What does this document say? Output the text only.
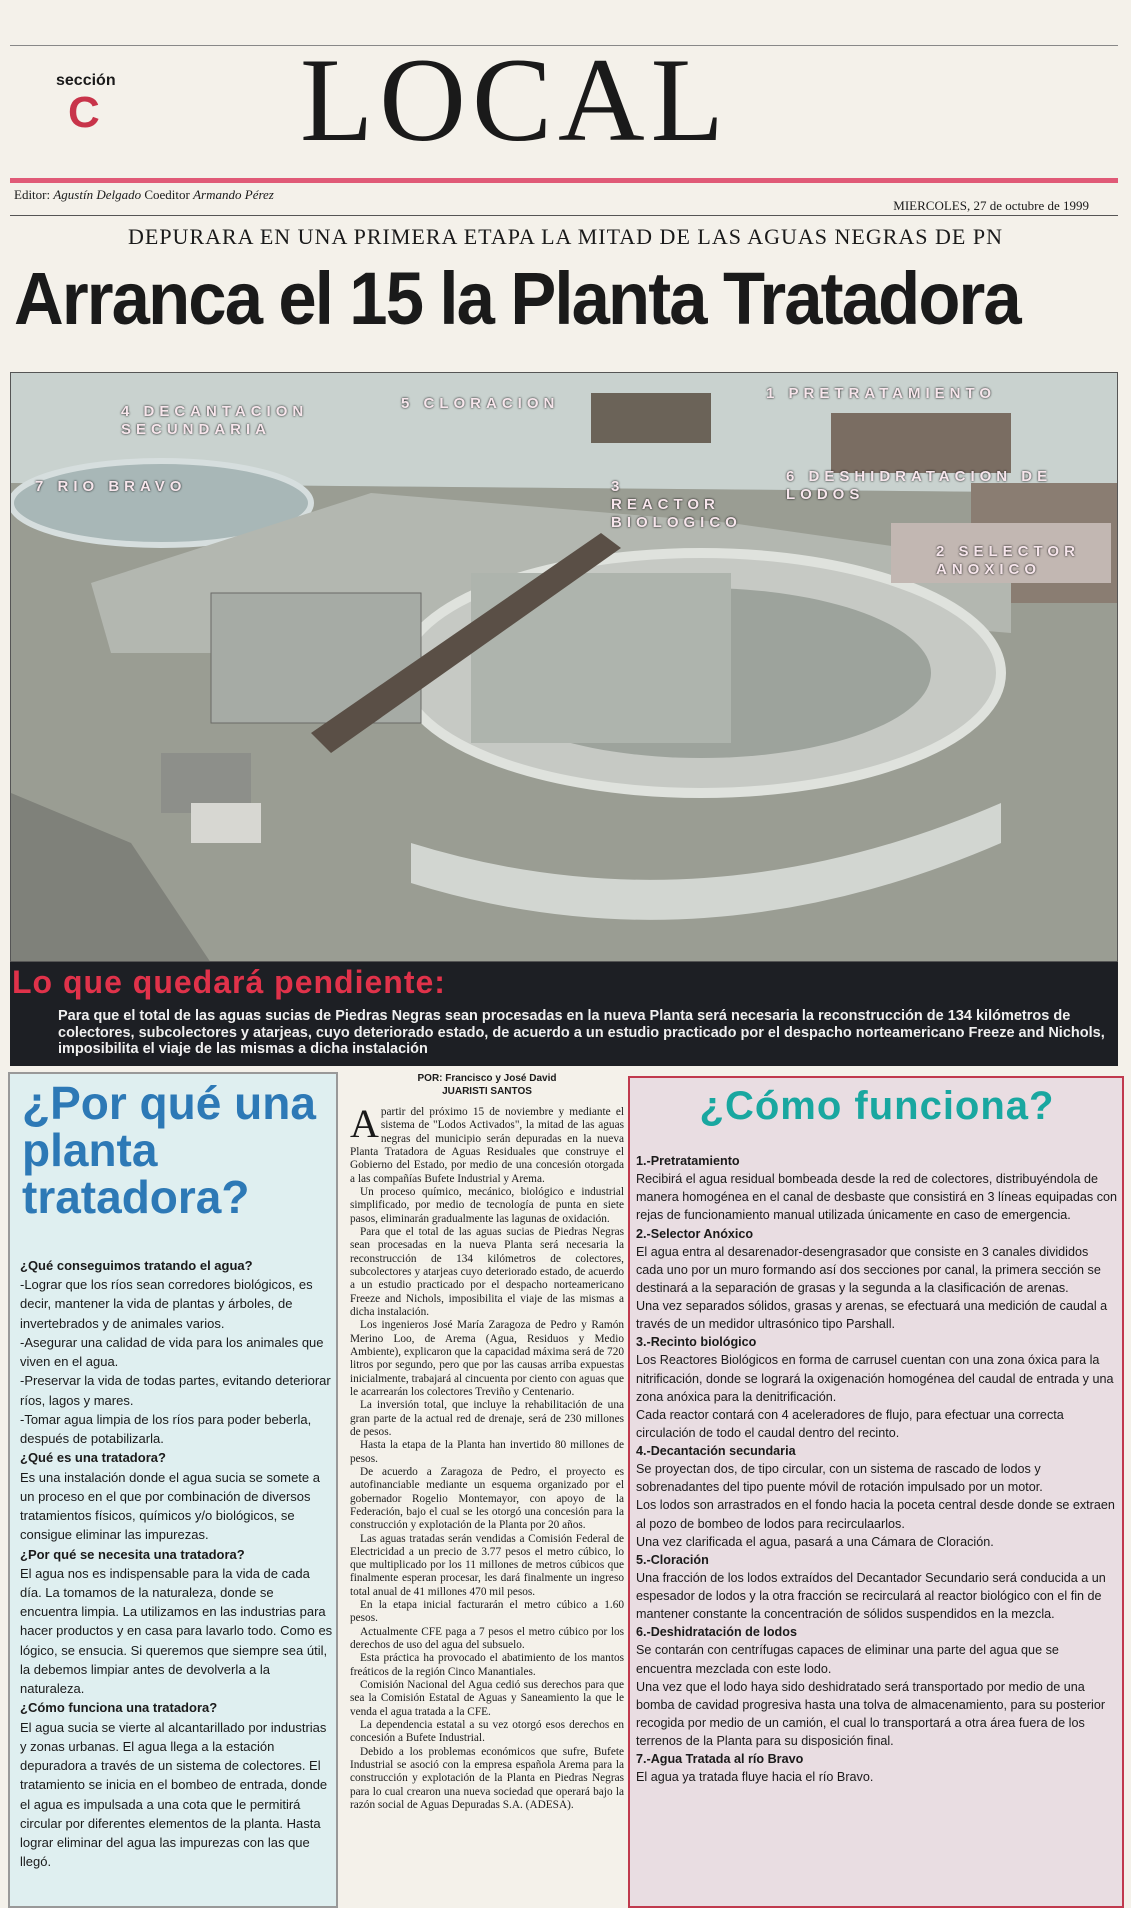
sección
C LOCAL
Editor: Agustín Delgado Coeditor Armando Pérez
MIERCOLES, 27 de octubre de 1999
DEPURARA EN UNA PRIMERA ETAPA LA MITAD DE LAS AGUAS NEGRAS DE PN
Arranca el 15 la Planta Tratadora
4 DECANTACION SECUNDARIA
5 CLORACION
1 PRETRATAMIENTO
7 RIO BRAVO	3 REACTOR BIOLOGICO
6 DESHIDRATACION DE LODOS
2 SELECTOR ANOXICO
Lo que quedará pendiente:
Para que el total de las aguas sucias de Piedras Negras sean procesadas en la nueva Planta será necesaria la reconstrucción de 134 kilómetros de colectores, subcolectores y atarjeas, cuyo deteriorado estado, de acuerdo a un estudio practicado por el despacho norteamericano Freeze and Nichols, imposibilita el viaje de las mismas a dicha instalación
¿Por qué una planta tratadora?
¿Qué conseguimos tratando el agua?
-Lograr que los ríos sean corredores biológicos, es decir, mantener la vida de plantas y árboles, de invertebrados y de animales varios.
-Asegurar una calidad de vida para los animales que viven en el agua.
-Preservar la vida de todas partes, evitando deteriorar ríos, lagos y mares.
-Tomar agua limpia de los ríos para poder beberla, después de potabilizarla.
¿Qué es una tratadora?
Es una instalación donde el agua sucia se somete a un proceso en el que por combinación de diversos tratamientos físicos, químicos y/o biológicos, se consigue eliminar las impurezas.
¿Por qué se necesita una tratadora?
El agua nos es indispensable para la vida de cada día. La tomamos de la naturaleza, donde se encuentra limpia. La utilizamos en las industrias para hacer productos y en casa para lavarlo todo. Como es lógico, se ensucia. Si queremos que siempre sea útil, la debemos limpiar antes de devolverla a la naturaleza.
¿Cómo funciona una tratadora?
El agua sucia se vierte al alcantarillado por industrias y zonas urbanas. El agua llega a la estación depuradora a través de un sistema de colectores. El tratamiento se inicia en el bombeo de entrada, donde el agua es impulsada a una cota que le permitirá circular por diferentes elementos de la planta. Hasta lograr eliminar del agua las impurezas con las que llegó.
POR: Francisco y José David
JUARISTI SANTOS

Apartir del próximo 15 de noviembre y mediante el sistema de "Lodos Activados", la mitad de las aguas negras del municipio serán depuradas en la nueva Planta Tratadora de Aguas Residuales que construye el Gobierno del Estado, por medio de una concesión otorgada a las compañías Bufete Industrial y Arema.

Un proceso químico, mecánico, biológico e industrial simplificado, por medio de tecnología de punta en siete pasos, eliminarán gradualmente las lagunas de oxidación.

Para que el total de las aguas sucias de Piedras Negras sean procesadas en la nueva Planta será necesaria la reconstrucción de 134 kilómetros de colectores, subcolectores y atarjeas cuyo deteriorado estado, de acuerdo a un estudio practicado por el despacho norteamericano Freeze and Nichols, imposibilita el viaje de las mismas a dicha instalación.

Los ingenieros José María Zaragoza de Pedro y Ramón Merino Loo, de Arema (Agua, Residuos y Medio Ambiente), explicaron que la capacidad máxima será de 720 litros por segundo, pero que por las causas arriba expuestas inicialmente, trabajará al cincuenta por ciento con aguas que le acarrearán los colectores Treviño y Centenario.

La inversión total, que incluye la rehabilitación de una gran parte de la actual red de drenaje, será de 230 millones de pesos.

Hasta la etapa de la Planta han invertido 80 millones de pesos.

De acuerdo a Zaragoza de Pedro, el proyecto es autofinanciable mediante un esquema organizado por el gobernador Rogelio Montemayor, con apoyo de la Federación, bajo el cual se les otorgó una concesión para la construcción y explotación de la Planta por 20 años.

Las aguas tratadas serán vendidas a Comisión Federal de Electricidad a un precio de 3.77 pesos el metro cúbico, lo que multiplicado por los 11 millones de metros cúbicos que finalmente esperan procesar, les dará finalmente un ingreso total anual de 41 millones 470 mil pesos.

En la etapa inicial facturarán el metro cúbico a 1.60 pesos.

Actualmente CFE paga a 7 pesos el metro cúbico por los derechos de uso del agua del subsuelo.

Esta práctica ha provocado el abatimiento de los mantos freáticos de la región Cinco Manantiales.

Comisión Nacional del Agua cedió sus derechos para que sea la Comisión Estatal de Aguas y Saneamiento la que le venda el agua tratada a la CFE.

La dependencia estatal a su vez otorgó esos derechos en concesión a Bufete Industrial.

Debido a los problemas económicos que sufre, Bufete Industrial se asoció con la empresa española Arema para la construcción y explotación de la Planta en Piedras Negras para lo cual crearon una nueva sociedad que operará bajo la razón social de Aguas Depuradas S.A. (ADESA).

¿Cómo funciona?
1.-Pretratamiento
Recibirá el agua residual bombeada desde la red de colectores, distribuyéndola de manera homogénea en el canal de desbaste que consistirá en 3 líneas equipadas con rejas de funcionamiento manual utilizada únicamente en caso de emergencia.
2.-Selector Anóxico
El agua entra al desarenador-desengrasador que consiste en 3 canales divididos cada uno por un muro formando así dos secciones por canal, la primera sección se destinará a la separación de grasas y la segunda a la clasificación de arenas.
Una vez separados sólidos, grasas y arenas, se efectuará una medición de caudal a través de un medidor ultrasónico tipo Parshall.
3.-Recinto biológico
Los Reactores Biológicos en forma de carrusel cuentan con una zona óxica para la nitrificación, donde se logrará la oxigenación homogénea del caudal de entrada y una zona anóxica para la denitrificación.
Cada reactor contará con 4 aceleradores de flujo, para efectuar una correcta circulación de todo el caudal dentro del recinto.
4.-Decantación secundaria
Se proyectan dos, de tipo circular, con un sistema de rascado de lodos y sobrenadantes del tipo puente móvil de rotación impulsado por un motor.
Los lodos son arrastrados en el fondo hacia la poceta central desde donde se extraen al pozo de bombeo de lodos para recirculaarlos.
Una vez clarificada el agua, pasará a una Cámara de Cloración.
5.-Cloración
Una fracción de los lodos extraídos del Decantador Secundario será conducida a un espesador de lodos y la otra fracción se recirculará al reactor biológico con el fin de mantener constante la concentración de sólidos suspendidos en la mezcla.
6.-Deshidratación de lodos
Se contarán con centrífugas capaces de eliminar una parte del agua que se encuentra mezclada con este lodo.
Una vez que el lodo haya sido deshidratado será transportado por medio de una bomba de cavidad progresiva hasta una tolva de almacenamiento, para su posterior recogida por medio de un camión, el cual lo transportará a otra área fuera de los terrenos de la Planta para su disposición final.
7.-Agua Tratada al río Bravo
El agua ya tratada fluye hacia el río Bravo.
